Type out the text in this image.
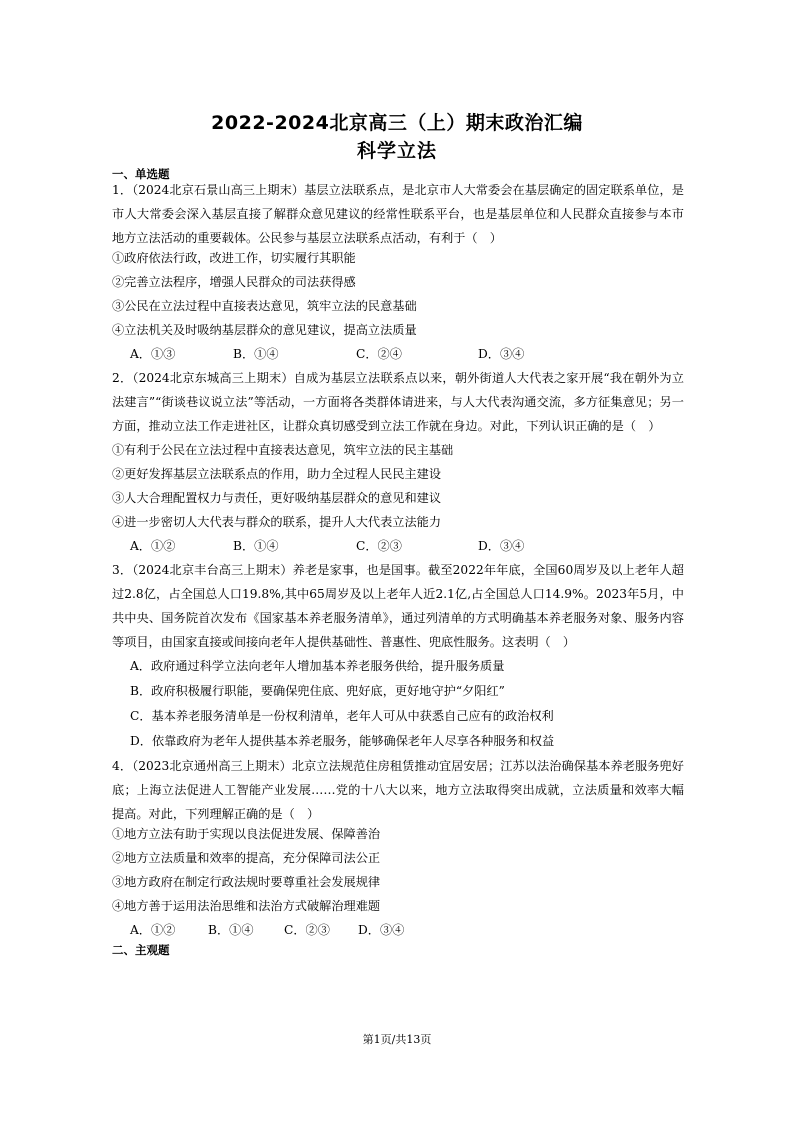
2022-2024北京高三（上）期末政治汇编
科学立法
一、单选题
1．（2024北京石景山高三上期末）基层立法联系点，是北京市人大常委会在基层确定的固定联系单位，是市人大常委会深入基层直接了解群众意见建议的经常性联系平台，也是基层单位和人民群众直接参与本市地方立法活动的重要载体。公民参与基层立法联系点活动，有利于（　）
①政府依法行政，改进工作，切实履行其职能
②完善立法程序，增强人民群众的司法获得感
③公民在立法过程中直接表达意见，筑牢立法的民意基础
④立法机关及时吸纳基层群众的意见建议，提高立法质量
A．①③	B．①④	C．②④	D．③④
2．（2024北京东城高三上期末）自成为基层立法联系点以来，朝外街道人大代表之家开展“我在朝外为立法建言”“街谈巷议说立法”等活动，一方面将各类群体请进来，与人大代表沟通交流，多方征集意见；另一方面，推动立法工作走进社区，让群众真切感受到立法工作就在身边。对此，下列认识正确的是（　）
①有利于公民在立法过程中直接表达意见，筑牢立法的民主基础
②更好发挥基层立法联系点的作用，助力全过程人民民主建设
③人大合理配置权力与责任，更好吸纳基层群众的意见和建议
④进一步密切人大代表与群众的联系，提升人大代表立法能力
A．①②	B．①④	C．②③	D．③④
3．（2024北京丰台高三上期末）养老是家事，也是国事。截至2022年年底，全国60周岁及以上老年人超过2.8亿，占全国总人口19.8%,其中65周岁及以上老年人近2.1亿,占全国总人口14.9%。2023年5月，中共中央、国务院首次发布《国家基本养老服务清单》，通过列清单的方式明确基本养老服务对象、服务内容等项目，由国家直接或间接向老年人提供基础性、普惠性、兜底性服务。这表明（　）
A．政府通过科学立法向老年人增加基本养老服务供给，提升服务质量
B．政府积极履行职能，要确保兜住底、兜好底，更好地守护“夕阳红”
C．基本养老服务清单是一份权利清单，老年人可从中获悉自己应有的政治权利
D．依靠政府为老年人提供基本养老服务，能够确保老年人尽享各种服务和权益
4．（2023北京通州高三上期末）北京立法规范住房租赁推动宜居安居；江苏以法治确保基本养老服务兜好底；上海立法促进人工智能产业发展……党的十八大以来，地方立法取得突出成就，立法质量和效率大幅提高。对此，下列理解正确的是（　）
①地方立法有助于实现以良法促进发展、保障善治
②地方立法质量和效率的提高，充分保障司法公正
③地方政府在制定行政法规时要尊重社会发展规律
④地方善于运用法治思维和法治方式破解治理难题
A．①②	B．①④ C．②③ D．③④
二、主观题
第1页/共13页
